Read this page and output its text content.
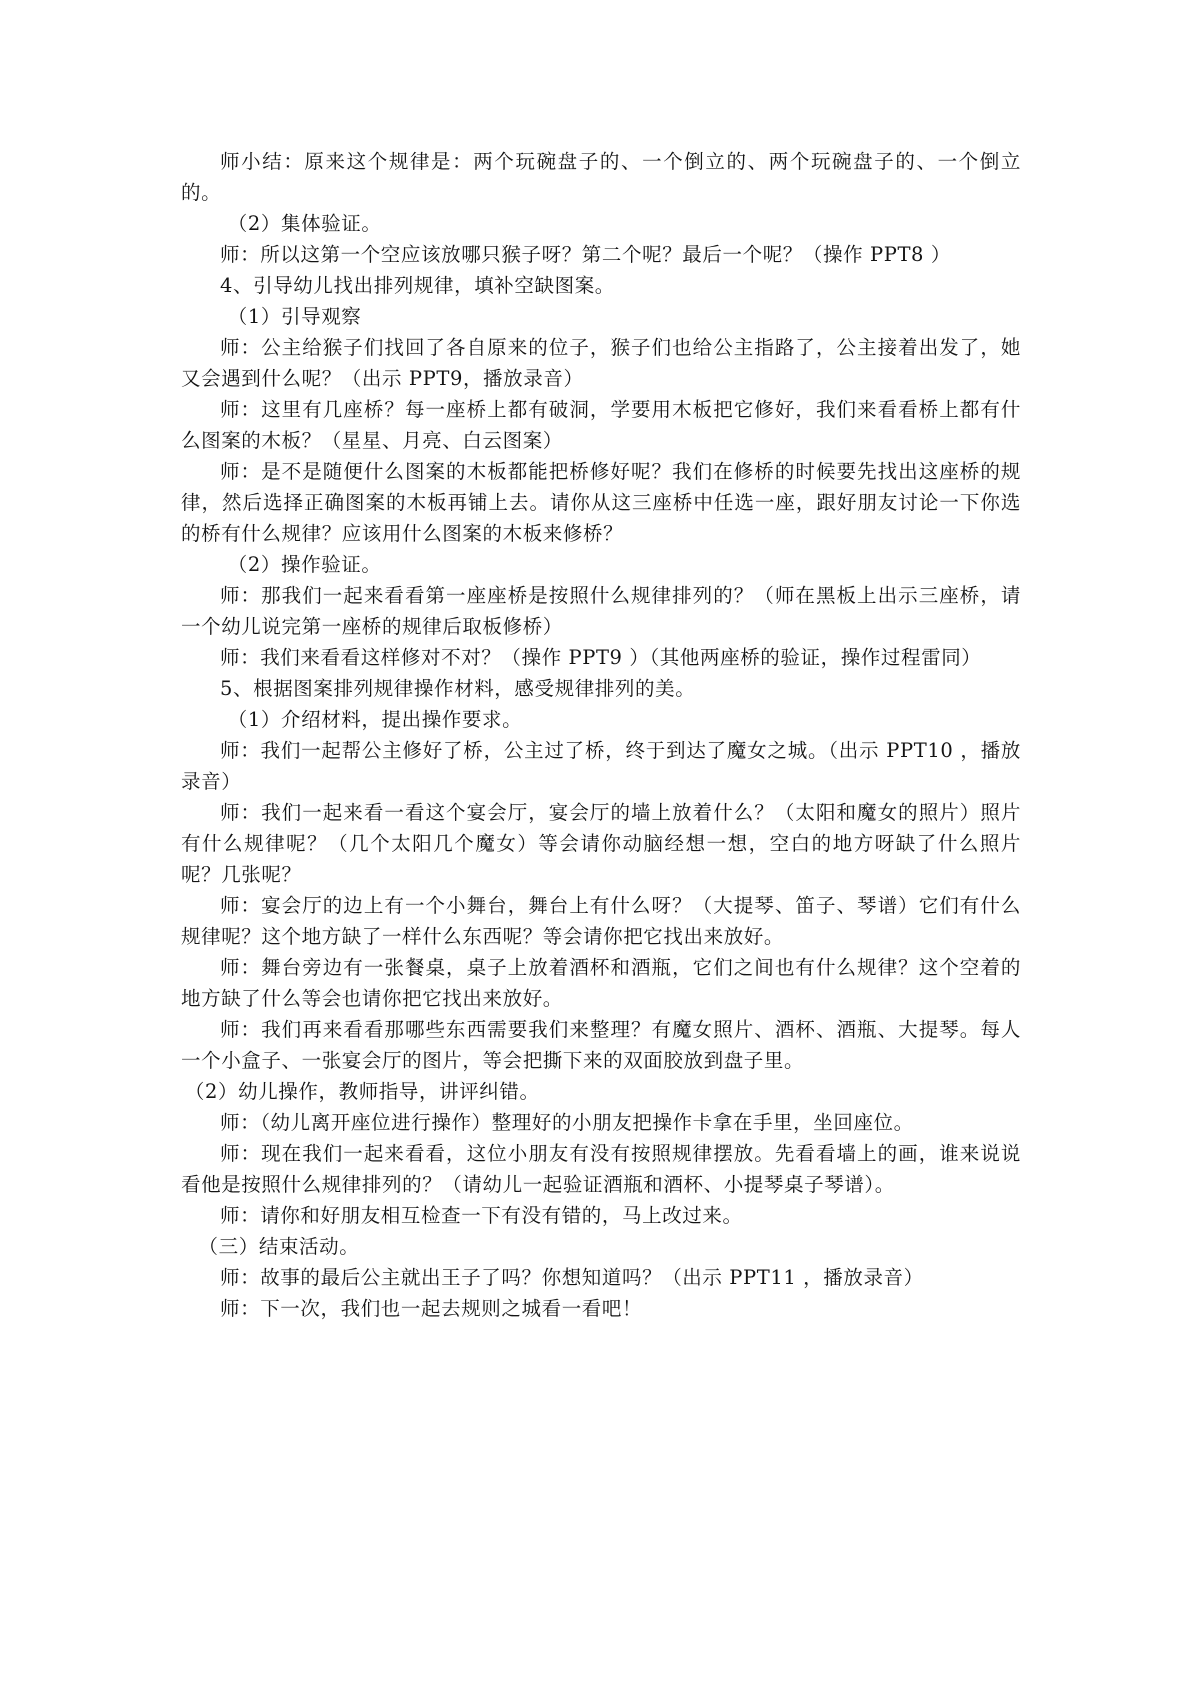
师小结：原来这个规律是：两个玩碗盘子的、一个倒立的、两个玩碗盘子的、一个倒立的。

（2）集体验证。

师：所以这第一个空应该放哪只猴子呀？第二个呢？最后一个呢？（操作 PPT8 ）

4、引导幼儿找出排列规律，填补空缺图案。

（1）引导观察

师：公主给猴子们找回了各自原来的位子，猴子们也给公主指路了，公主接着出发了，她又会遇到什么呢？（出示 PPT9，播放录音）

师：这里有几座桥？每一座桥上都有破洞，学要用木板把它修好，我们来看看桥上都有什么图案的木板？（星星、月亮、白云图案）

师：是不是随便什么图案的木板都能把桥修好呢？我们在修桥的时候要先找出这座桥的规律，然后选择正确图案的木板再铺上去。请你从这三座桥中任选一座，跟好朋友讨论一下你选的桥有什么规律？应该用什么图案的木板来修桥？

（2）操作验证。

师：那我们一起来看看第一座座桥是按照什么规律排列的？（师在黑板上出示三座桥，请一个幼儿说完第一座桥的规律后取板修桥）

师：我们来看看这样修对不对？（操作 PPT9 ）（其他两座桥的验证，操作过程雷同）

5、根据图案排列规律操作材料，感受规律排列的美。

（1）介绍材料，提出操作要求。

师：我们一起帮公主修好了桥，公主过了桥，终于到达了魔女之城。（出示 PPT10 ，播放录音）

师：我们一起来看一看这个宴会厅，宴会厅的墙上放着什么？（太阳和魔女的照片）照片有什么规律呢？（几个太阳几个魔女）等会请你动脑经想一想，空白的地方呀缺了什么照片呢？几张呢？

师：宴会厅的边上有一个小舞台，舞台上有什么呀？（大提琴、笛子、琴谱）它们有什么规律呢？这个地方缺了一样什么东西呢？等会请你把它找出来放好。

师：舞台旁边有一张餐桌，桌子上放着酒杯和酒瓶，它们之间也有什么规律？这个空着的地方缺了什么等会也请你把它找出来放好。

师：我们再来看看那哪些东西需要我们来整理？有魔女照片、酒杯、酒瓶、大提琴。每人一个小盒子、一张宴会厅的图片，等会把撕下来的双面胶放到盘子里。

（2）幼儿操作，教师指导，讲评纠错。

师：（幼儿离开座位进行操作）整理好的小朋友把操作卡拿在手里，坐回座位。

师：现在我们一起来看看，这位小朋友有没有按照规律摆放。先看看墙上的画，谁来说说看他是按照什么规律排列的？（请幼儿一起验证酒瓶和酒杯、小提琴桌子琴谱）。

师：请你和好朋友相互检查一下有没有错的，马上改过来。

（三）结束活动。

师：故事的最后公主就出王子了吗？你想知道吗？（出示 PPT11 ，播放录音）

师：下一次，我们也一起去规则之城看一看吧！
